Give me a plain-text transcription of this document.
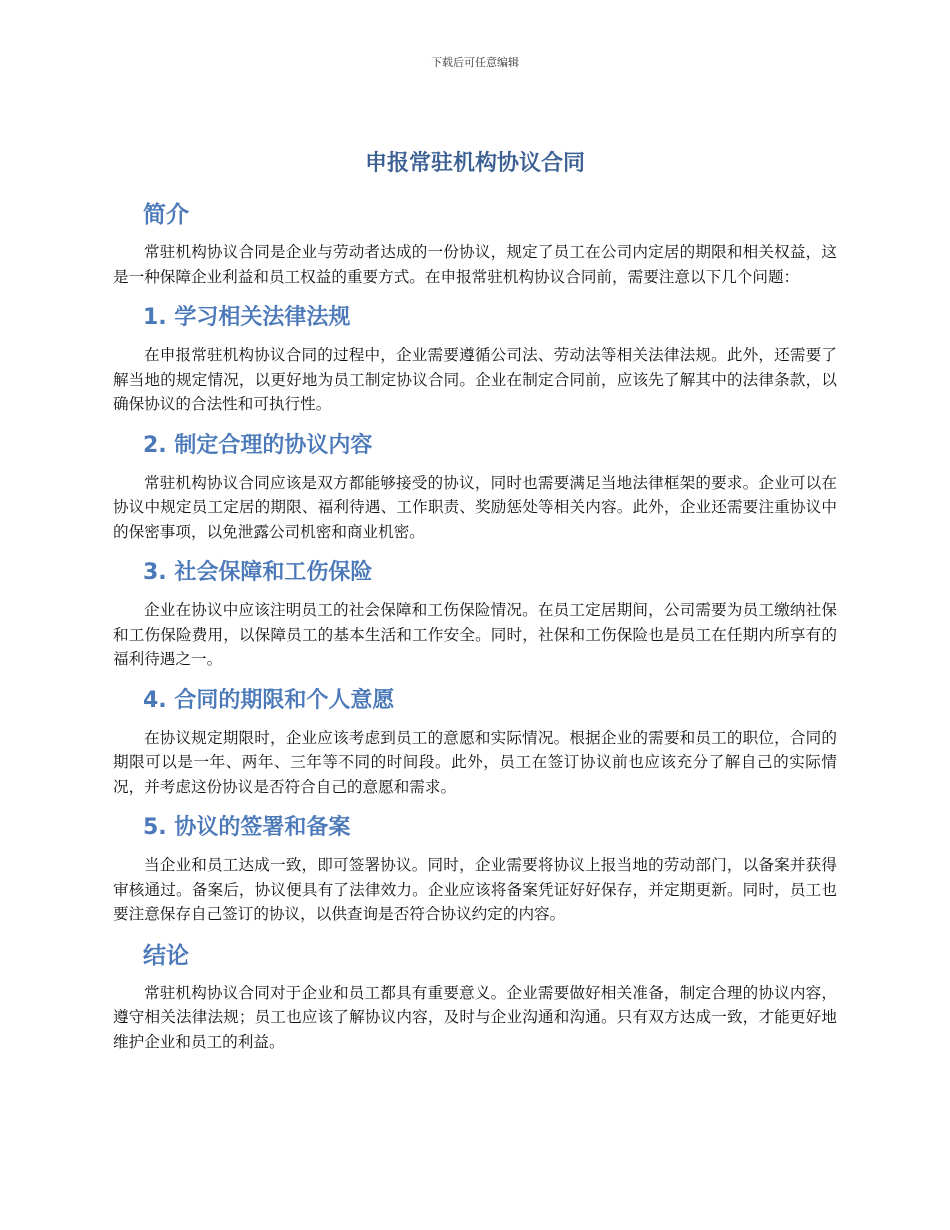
下载后可任意编辑
申报常驻机构协议合同
简介

常驻机构协议合同是企业与劳动者达成的一份协议，规定了员工在公司内定居的期限和相关权益，这是一种保障企业利益和员工权益的重要方式。在申报常驻机构协议合同前，需要注意以下几个问题：

1. 学习相关法律法规

在申报常驻机构协议合同的过程中，企业需要遵循公司法、劳动法等相关法律法规。此外，还需要了解当地的规定情况，以更好地为员工制定协议合同。企业在制定合同前，应该先了解其中的法律条款，以确保协议的合法性和可执行性。

2. 制定合理的协议内容

常驻机构协议合同应该是双方都能够接受的协议，同时也需要满足当地法律框架的要求。企业可以在协议中规定员工定居的期限、福利待遇、工作职责、奖励惩处等相关内容。此外，企业还需要注重协议中的保密事项，以免泄露公司机密和商业机密。

3. 社会保障和工伤保险

企业在协议中应该注明员工的社会保障和工伤保险情况。在员工定居期间，公司需要为员工缴纳社保和工伤保险费用，以保障员工的基本生活和工作安全。同时，社保和工伤保险也是员工在任期内所享有的福利待遇之一。

4. 合同的期限和个人意愿

在协议规定期限时，企业应该考虑到员工的意愿和实际情况。根据企业的需要和员工的职位，合同的期限可以是一年、两年、三年等不同的时间段。此外，员工在签订协议前也应该充分了解自己的实际情况，并考虑这份协议是否符合自己的意愿和需求。

5. 协议的签署和备案

当企业和员工达成一致，即可签署协议。同时，企业需要将协议上报当地的劳动部门，以备案并获得审核通过。备案后，协议便具有了法律效力。企业应该将备案凭证好好保存，并定期更新。同时，员工也要注意保存自己签订的协议，以供查询是否符合协议约定的内容。

结论

常驻机构协议合同对于企业和员工都具有重要意义。企业需要做好相关准备，制定合理的协议内容，遵守相关法律法规；员工也应该了解协议内容，及时与企业沟通和沟通。只有双方达成一致，才能更好地维护企业和员工的利益。
